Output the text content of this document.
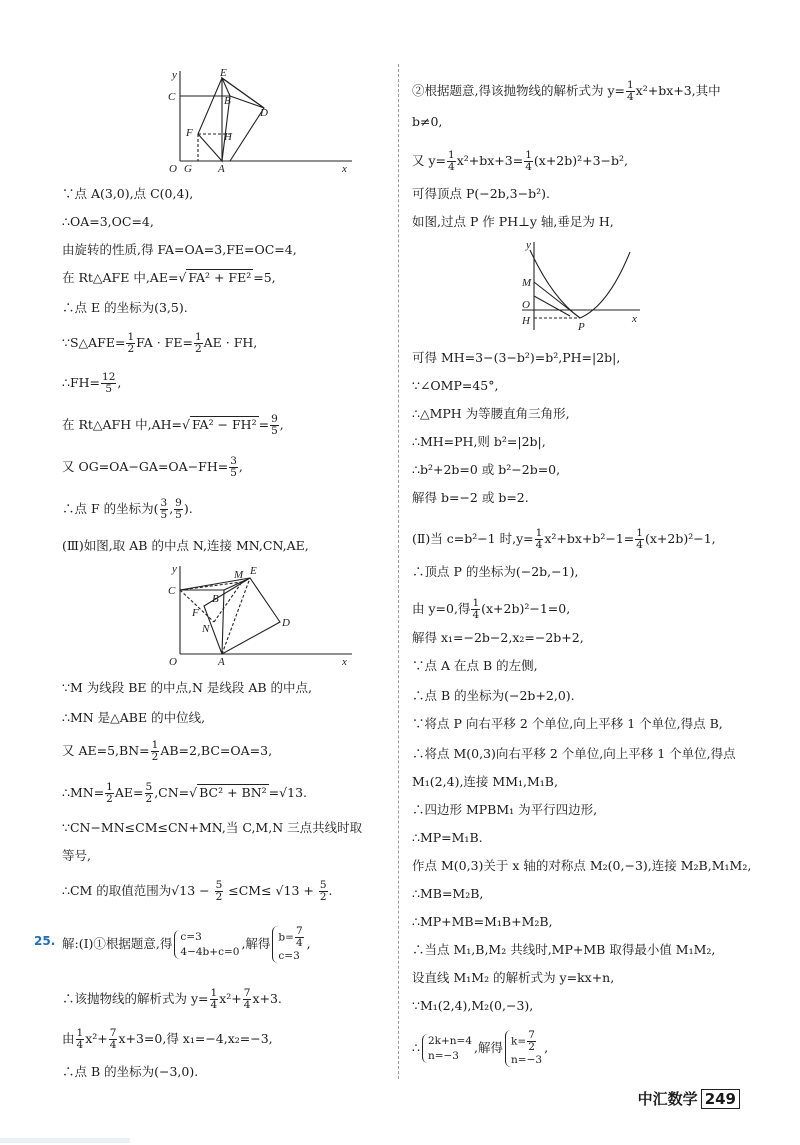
y	E
C	B
D
F	H
O G A	x
∵点 A(3,0),点 C(0,4),
∴OA=3,OC=4,
由旋转的性质,得 FA=OA=3,FE=OC=4,
在 Rt△AFE 中,AE=√ FA² + FE² =5,
∴点 E 的坐标为(3,5).
∵S△AFE= $\frac{1}{2}$ FA · $FE= \frac{1}{2}$ AE · FH,
∴FH= $\frac{12}{5}$ ,
在 Rt△AFH 中,AH=√ $FA^2 - FH^2 = \frac{9}{5}$ ,
又 $OG=OA-GA=OA-FH= \frac{3}{5}$ ,
∴点 F 的坐标为( $\frac{3}{5}$ , $\frac{9}{5}$ ).
(Ⅲ)如图,取 AB 的中点 N,连接 MN,CN,AE,
y	M E
C
B
F
N	D
O	A	x
∵M 为线段 BE 的中点,N 是线段 AB 的中点,
∴MN 是△ABE 的中位线,
又 $AE=5,BN= \frac{1}{2} AB=2,BC=OA=3$,
∴MN= $\frac{1}{2} AE= \frac{5}{2} ,CN=√$ BC² + BN² =√13.
∵CN−MN≤CM≤CN+MN,当 C,M,N 三点共线时取
等号,
∴CM 的取值范围为$√13 - \frac{5}{2} \le CM\le √13 + \frac{5}{2}$ .
25. 解:(Ⅰ)①根据题意,得 c=3
4−4b+c=0
,解得 $b= \frac{7}{4}$
c=3
,
∴该抛物线的解析式为 $y= \frac{1}{4} x^2+ \frac{7}{4} x+3$.
由 $\frac{1}{4} x^2+ \frac{7}{4} x+3=0$,得 x₁=−4,x₂=−3,
∴点 B 的坐标为(−3,0).
②根据题意,得该抛物线的解析式为 $y= \frac{1}{4} x^2+bx+3$,其中
b≠0,
又 $y= \frac{1}{4} x^2+bx+3= \frac{1}{4} (x+2b)^2+3-b^2$,
可得顶点 P(−2b,3−b²).
如图,过点 P 作 PH⊥y 轴,垂足为 H,
y
M
O
H	P
x
可得 MH=3−(3−b²)=b²,PH=|2b|,
∵∠OMP=45°,
∴△MPH 为等腰直角三角形,
∴MH=PH,则 b²=|2b|,
∴b²+2b=0 或 b²−2b=0,
解得 b=−2 或 b=2.
(Ⅱ)当 c=b²−1 时$,y= \frac{1}{4} x^2+bx+b^2-1= \frac{1}{4} (x+2b)^2-1$,
∴顶点 P 的坐标为(−2b,−1),
由 y=0,得 $\frac{1}{4} (x+2b)^2-1=0$,
解得 x₁=−2b−2,x₂=−2b+2,
∵点 A 在点 B 的左侧,
∴点 B 的坐标为(−2b+2,0).
∵将点 P 向右平移 2 个单位,向上平移 1 个单位,得点 B,
∴将点 M(0,3)向右平移 2 个单位,向上平移 1 个单位,得点
M₁(2,4),连接 MM₁,M₁B,
∴四边形 MPBM₁ 为平行四边形,
∴MP=M₁B.
作点 M(0,3)关于 x 轴的对称点 M₂(0,−3),连接 M₂B,M₁M₂,
∴MB=M₂B,
∴MP+MB=M₁B+M₂B,
∴当点 M₁,B,M₂ 共线时,MP+MB 取得最小值 M₁M₂,
设直线 M₁M₂ 的解析式为 y=kx+n,
∵M₁(2,4),M₂(0,−3),
∴ 2k+n=4
n=−3
,解得 $k= \frac{7}{2}$
n=−3
,
中汇数学 249
